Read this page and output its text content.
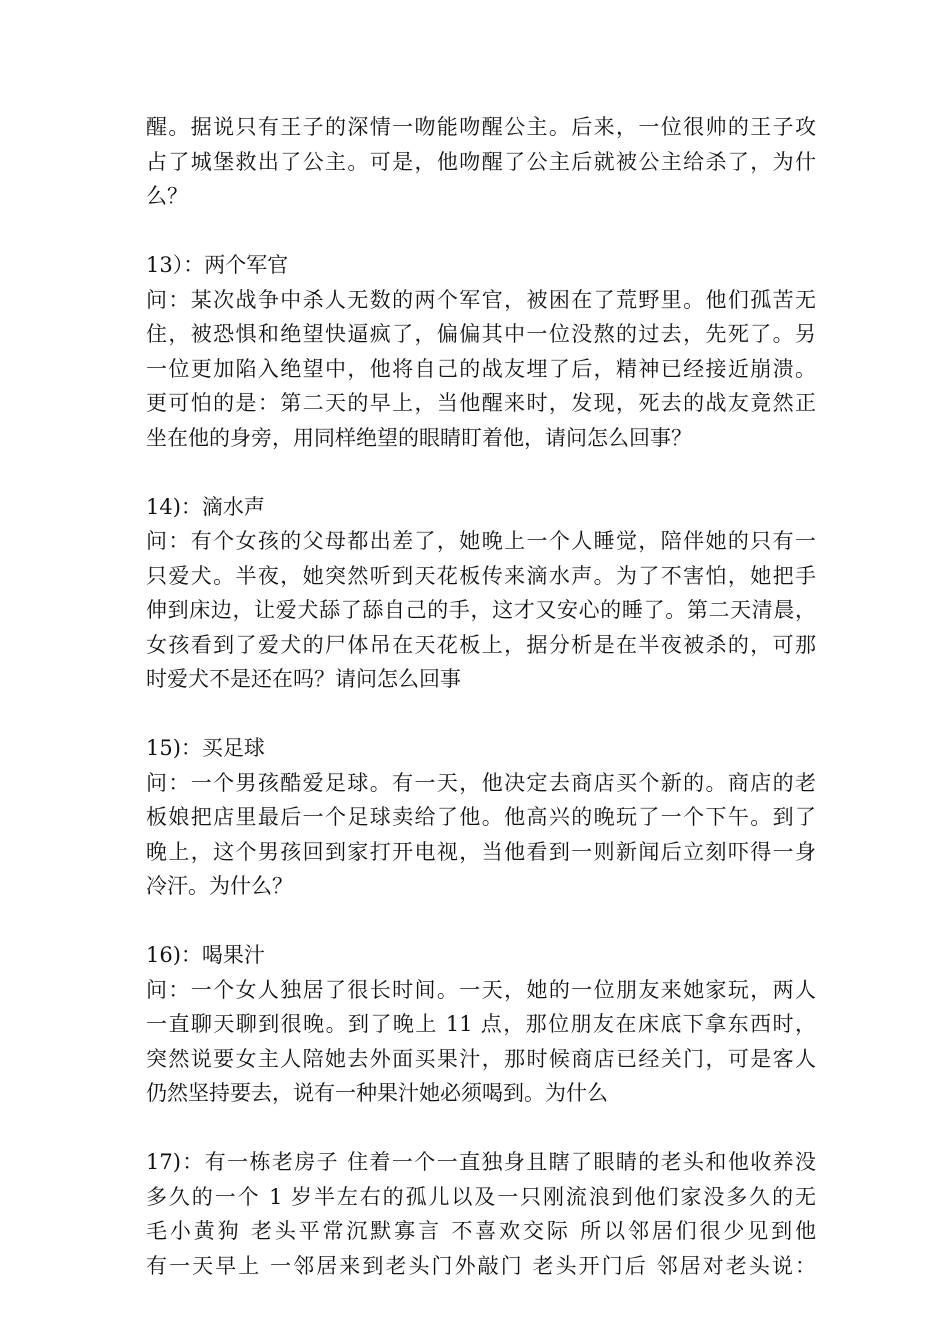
醒。据说只有王子的深情一吻能吻醒公主。后来，一位很帅的王子攻
占了城堡救出了公主。可是，他吻醒了公主后就被公主给杀了，为什
么？
13）：两个军官
问：某次战争中杀人无数的两个军官，被困在了荒野里。他们孤苦无
住，被恐惧和绝望快逼疯了，偏偏其中一位没熬的过去，先死了。另
一位更加陷入绝望中，他将自己的战友埋了后，精神已经接近崩溃。
更可怕的是：第二天的早上，当他醒来时，发现，死去的战友竟然正
坐在他的身旁，用同样绝望的眼睛盯着他，请问怎么回事？
14)：滴水声
问：有个女孩的父母都出差了，她晚上一个人睡觉，陪伴她的只有一
只爱犬。半夜，她突然听到天花板传来滴水声。为了不害怕，她把手
伸到床边，让爱犬舔了舔自己的手，这才又安心的睡了。第二天清晨，
女孩看到了爱犬的尸体吊在天花板上，据分析是在半夜被杀的，可那
时爱犬不是还在吗？请问怎么回事
15)：买足球
问：一个男孩酷爱足球。有一天，他决定去商店买个新的。商店的老
板娘把店里最后一个足球卖给了他。他高兴的晚玩了一个下午。到了
晚上，这个男孩回到家打开电视，当他看到一则新闻后立刻吓得一身
冷汗。为什么？
16)：喝果汁
问：一个女人独居了很长时间。一天，她的一位朋友来她家玩，两人
一直聊天聊到很晚。到了晚上 11 点，那位朋友在床底下拿东西时，
突然说要女主人陪她去外面买果汁，那时候商店已经关门，可是客人
仍然坚持要去，说有一种果汁她必须喝到。为什么
17)：有一栋老房子 住着一个一直独身且瞎了眼睛的老头和他收养没
多久的一个 1 岁半左右的孤儿以及一只刚流浪到他们家没多久的无
毛小黄狗 老头平常沉默寡言 不喜欢交际 所以邻居们很少见到他
有一天早上 一邻居来到老头门外敲门 老头开门后 邻居对老头说：
